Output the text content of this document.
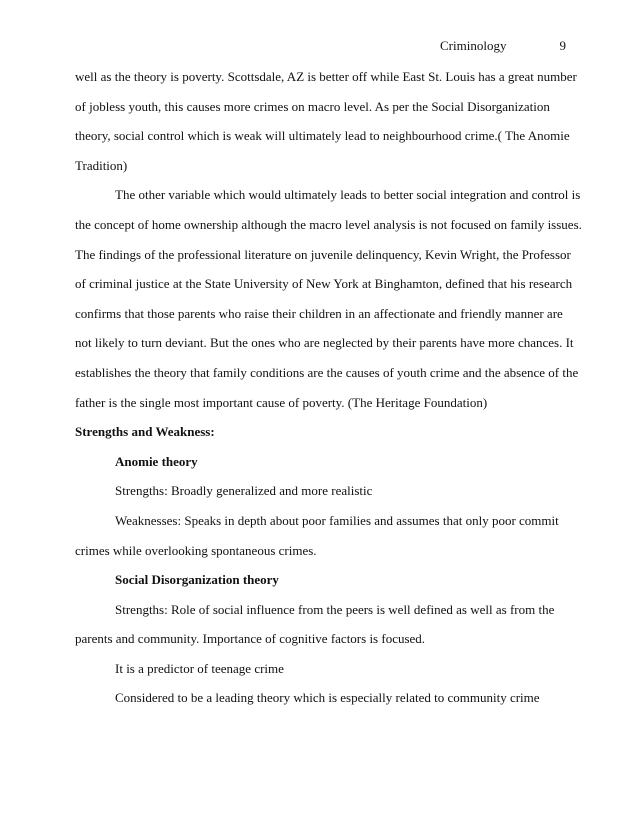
Criminology	9
well as the theory is poverty. Scottsdale, AZ is better off while East St. Louis has a great number
of jobless youth, this causes more crimes on macro level. As per the Social Disorganization
theory, social control which is weak will ultimately lead to neighbourhood crime.( The Anomie
Tradition)
The other variable which would ultimately leads to better social integration and control is
the concept of home ownership although the macro level analysis is not focused on family issues.
The findings of the professional literature on juvenile delinquency, Kevin Wright, the Professor
of criminal justice at the State University of New York at Binghamton, defined that his research
confirms that those parents who raise their children in an affectionate and friendly manner are
not likely to turn deviant. But the ones who are neglected by their parents have more chances. It
establishes the theory that family conditions are the causes of youth crime and the absence of the
father is the single most important cause of poverty. (The Heritage Foundation)
Strengths and Weakness:
Anomie theory
Strengths: Broadly generalized and more realistic
Weaknesses: Speaks in depth about poor families and assumes that only poor commit
crimes while overlooking spontaneous crimes.
Social Disorganization theory
Strengths: Role of social influence from the peers is well defined as well as from the
parents and community. Importance of cognitive factors is focused.
It is a predictor of teenage crime
Considered to be a leading theory which is especially related to community crime
